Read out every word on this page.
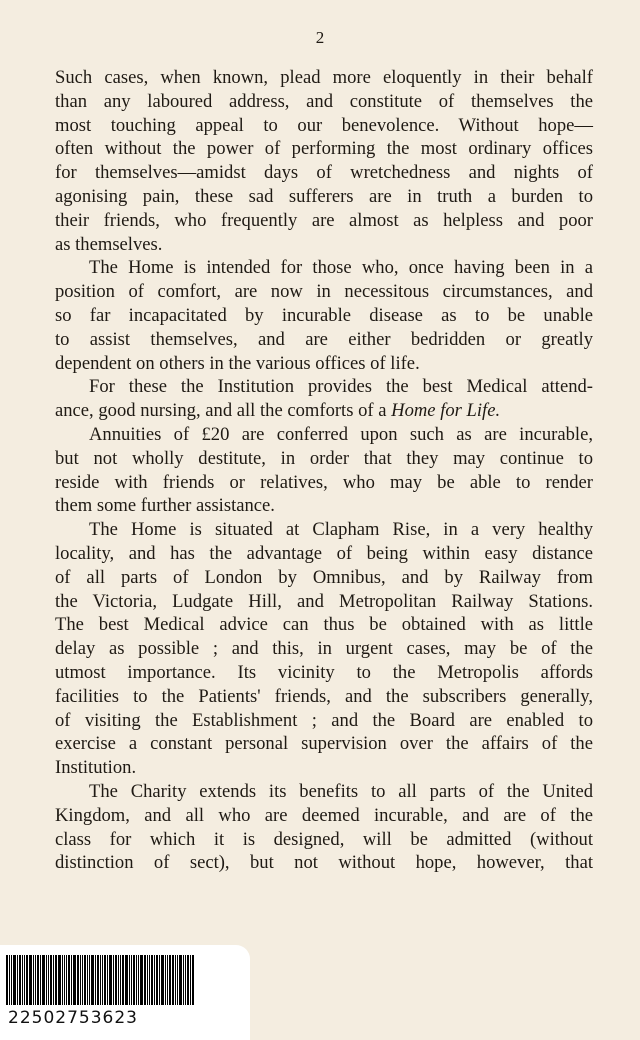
2
Such cases, when known, plead more eloquently in their behalf
than any laboured address, and constitute of themselves the
most touching appeal to our benevolence. Without hope—
often without the power of performing the most ordinary offices
for themselves—amidst days of wretchedness and nights of
agonising pain, these sad sufferers are in truth a burden to
their friends, who frequently are almost as helpless and poor
as themselves.
The Home is intended for those who, once having been in a
position of comfort, are now in necessitous circumstances, and
so far incapacitated by incurable disease as to be unable
to assist themselves, and are either bedridden or greatly
dependent on others in the various offices of life.
For these the Institution provides the best Medical attend-
ance, good nursing, and all the comforts of a Home for Life.
Annuities of £20 are conferred upon such as are incurable,
but not wholly destitute, in order that they may continue to
reside with friends or relatives, who may be able to render
them some further assistance.
The Home is situated at Clapham Rise, in a very healthy
locality, and has the advantage of being within easy distance
of all parts of London by Omnibus, and by Railway from
the Victoria, Ludgate Hill, and Metropolitan Railway Stations.
The best Medical advice can thus be obtained with as little
delay as possible ; and this, in urgent cases, may be of the
utmost importance. Its vicinity to the Metropolis affords
facilities to the Patients' friends, and the subscribers generally,
of visiting the Establishment ; and the Board are enabled to
exercise a constant personal supervision over the affairs of the
Institution.
The Charity extends its benefits to all parts of the United
Kingdom, and all who are deemed incurable, and are of the
class for which it is designed, will be admitted (without
distinction of sect), but not without hope, however, that
22502753623
